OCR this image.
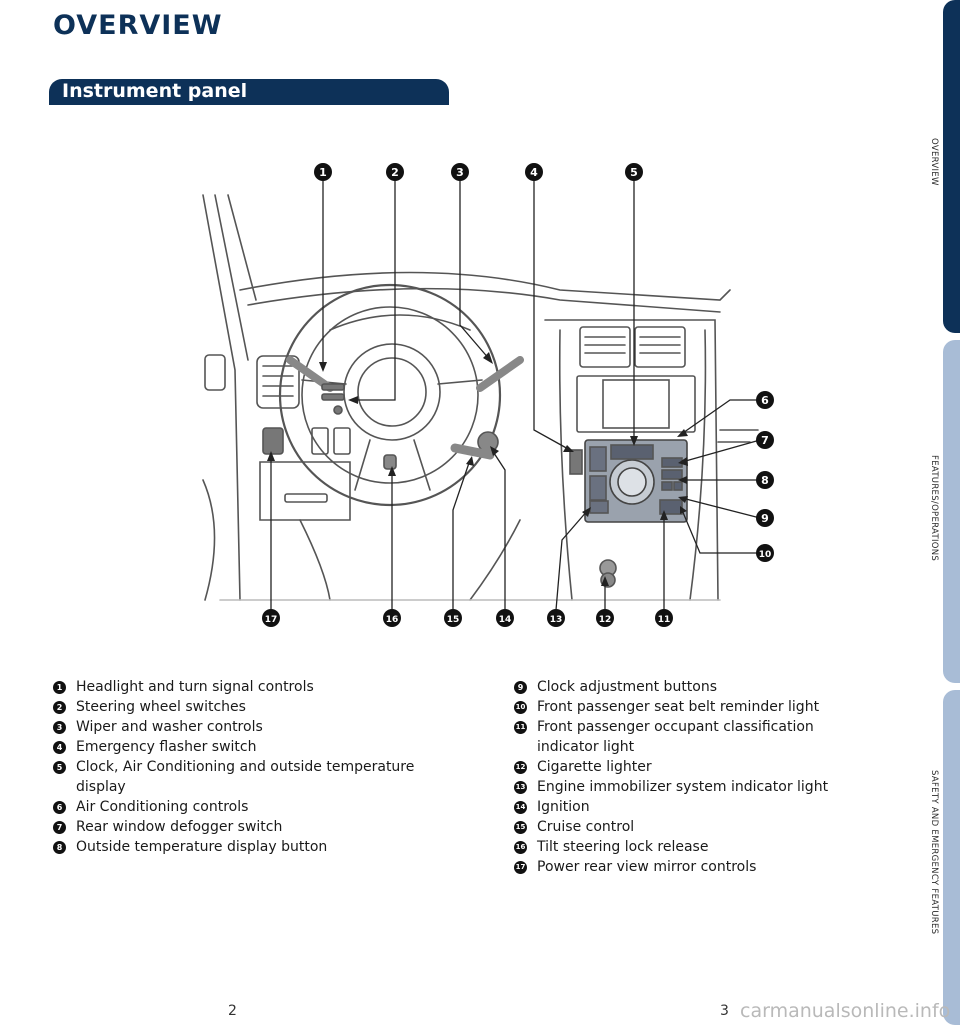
OVERVIEW
Instrument panel
OVERVIEW
FEATURES/OPERATIONS
SAFETY AND EMERGENCY FEATURES
1	2	3	4	5
6
7
8
9
10
11
12
13
14
15
16
17
1 Headlight and turn signal controls
2 Steering wheel switches
3 Wiper and washer controls
4 Emergency flasher switch
5 Clock, Air Conditioning and outside temperature display
6 Air Conditioning controls
7 Rear window defogger switch
8 Outside temperature display button
9 Clock adjustment buttons
10 Front passenger seat belt reminder light
11 Front passenger occupant classification indicator light
12 Cigarette lighter
13 Engine immobilizer system indicator light
14 Ignition
15 Cruise control
16 Tilt steering lock release
17 Power rear view mirror controls
2	3 carmanualsonline.info
